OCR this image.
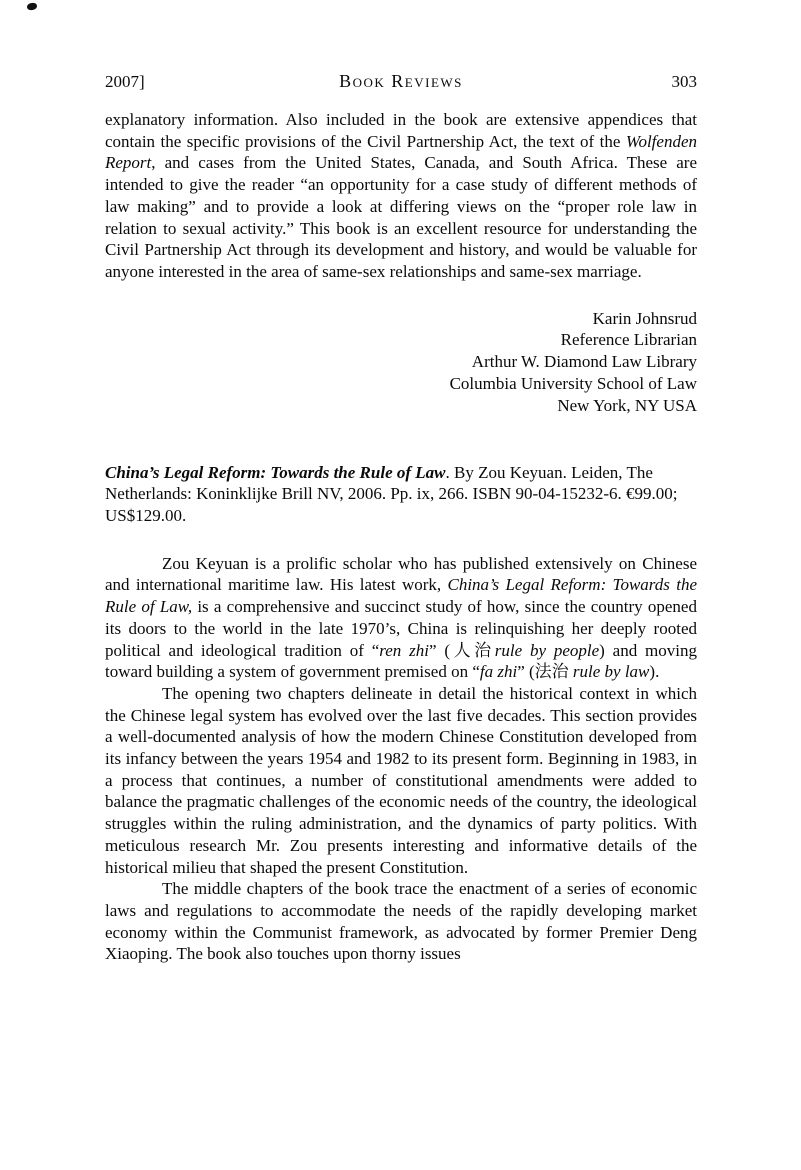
2007]	Book Reviews	303

explanatory information. Also included in the book are extensive appendices that contain the specific provisions of the Civil Partnership Act, the text of the Wolfenden Report, and cases from the United States, Canada, and South Africa. These are intended to give the reader “an opportunity for a case study of different methods of law making” and to provide a look at differing views on the “proper role law in relation to sexual activity.” This book is an excellent resource for understanding the Civil Partnership Act through its development and history, and would be valuable for anyone interested in the area of same-sex relationships and same-sex marriage.

Karin Johnsrud
Reference Librarian
Arthur W. Diamond Law Library
Columbia University School of Law
New York, NY USA

China’s Legal Reform: Towards the Rule of Law. By Zou Keyuan. Leiden, The Netherlands: Koninklijke Brill NV, 2006. Pp. ix, 266. ISBN 90-04-15232-6. €99.00; US$129.00.

Zou Keyuan is a prolific scholar who has published extensively on Chinese and international maritime law. His latest work, China’s Legal Reform: Towards the Rule of Law, is a comprehensive and succinct study of how, since the country opened its doors to the world in the late 1970’s, China is relinquishing her deeply rooted political and ideological tradition of “ren zhi” (人治rule by people) and moving toward building a system of government premised on “fa zhi” (法治 rule by law).

The opening two chapters delineate in detail the historical context in which the Chinese legal system has evolved over the last five decades. This section provides a well-documented analysis of how the modern Chinese Constitution developed from its infancy between the years 1954 and 1982 to its present form. Beginning in 1983, in a process that continues, a number of constitutional amendments were added to balance the pragmatic challenges of the economic needs of the country, the ideological struggles within the ruling administration, and the dynamics of party politics. With meticulous research Mr. Zou presents interesting and informative details of the historical milieu that shaped the present Constitution.

The middle chapters of the book trace the enactment of a series of economic laws and regulations to accommodate the needs of the rapidly developing market economy within the Communist framework, as advocated by former Premier Deng Xiaoping. The book also touches upon thorny issues
